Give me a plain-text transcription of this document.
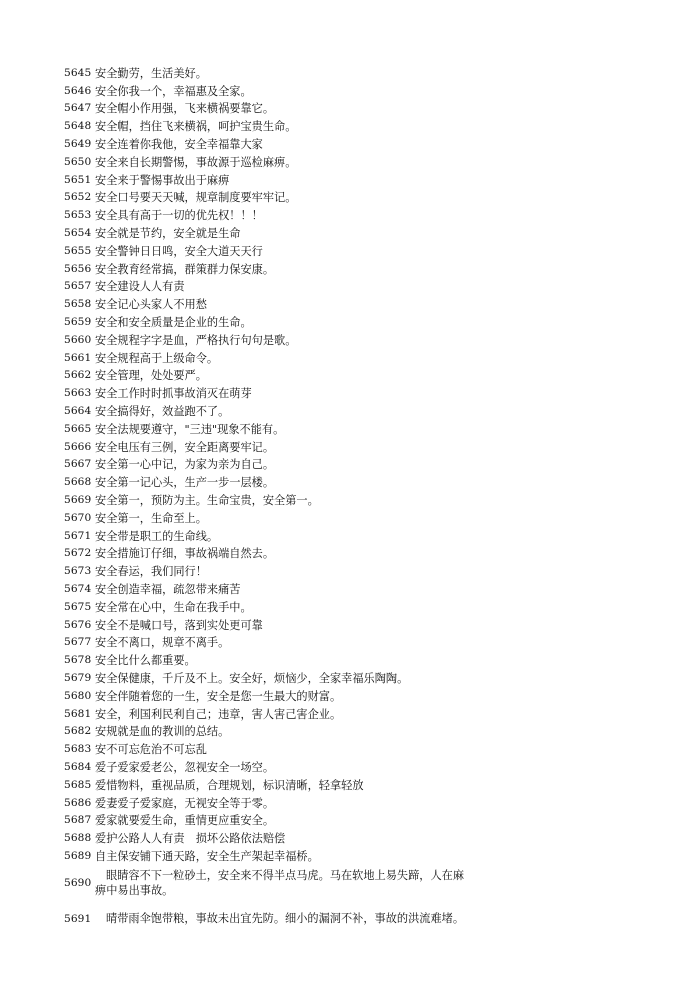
5645 安全勤劳，生活美好。
5646 安全你我一个，幸福惠及全家。
5647 安全帽小作用强，飞来横祸要靠它。
5648 安全帽，挡住飞来横祸，呵护宝贵生命。
5649 安全连着你我他，安全幸福靠大家
5650 安全来自长期警惕，事故源于巡检麻痹。
5651 安全来于警惕事故出于麻痹
5652 安全口号要天天喊，规章制度要牢牢记。
5653 安全具有高于一切的优先权！！！
5654 安全就是节约，安全就是生命
5655 安全警钟日日鸣，安全大道天天行
5656 安全教育经常搞，群策群力保安康。
5657 安全建设人人有责
5658 安全记心头家人不用愁
5659 安全和安全质量是企业的生命。
5660 安全规程字字是血，严格执行句句是歌。
5661 安全规程高于上级命令。
5662 安全管理，处处要严。
5663 安全工作时时抓事故消灭在萌芽
5664 安全搞得好，效益跑不了。
5665 安全法规要遵守，"三违"现象不能有。
5666 安全电压有三例，安全距离要牢记。
5667 安全第一心中记，为家为亲为自己。
5668 安全第一记心头，生产一步一层楼。
5669 安全第一，预防为主。生命宝贵，安全第一。
5670 安全第一，生命至上。
5671 安全带是职工的生命线。
5672 安全措施订仔细，事故祸端自然去。
5673 安全春运，我们同行！
5674 安全创造幸福，疏忽带来痛苦
5675 安全常在心中，生命在我手中。
5676 安全不是喊口号，落到实处更可靠
5677 安全不离口，规章不离手。
5678 安全比什么都重要。
5679 安全保健康，千斤及不上。安全好，烦恼少，全家幸福乐陶陶。
5680 安全伴随着您的一生，安全是您一生最大的财富。
5681 安全，利国利民利自己；违章，害人害己害企业。
5682 安规就是血的教训的总结。
5683 安不可忘危治不可忘乱
5684 爱子爱家爱老公，忽视安全一场空。
5685 爱惜物料，重视品质，合理规划，标识清晰，轻拿轻放
5686 爱妻爱子爱家庭，无视安全等于零。
5687 爱家就要爱生命，重情更应重安全。
5688 爱护公路人人有责　损坏公路依法赔偿
5689 自主保安铺下通天路，安全生产架起幸福桥。
5690
眼睛容不下一粒砂土，安全来不得半点马虎。马在软地上易失蹄，人在麻痹中易出事故。
5691	晴带雨伞饱带粮，事故未出宜先防。细小的漏洞不补，事故的洪流难堵。
